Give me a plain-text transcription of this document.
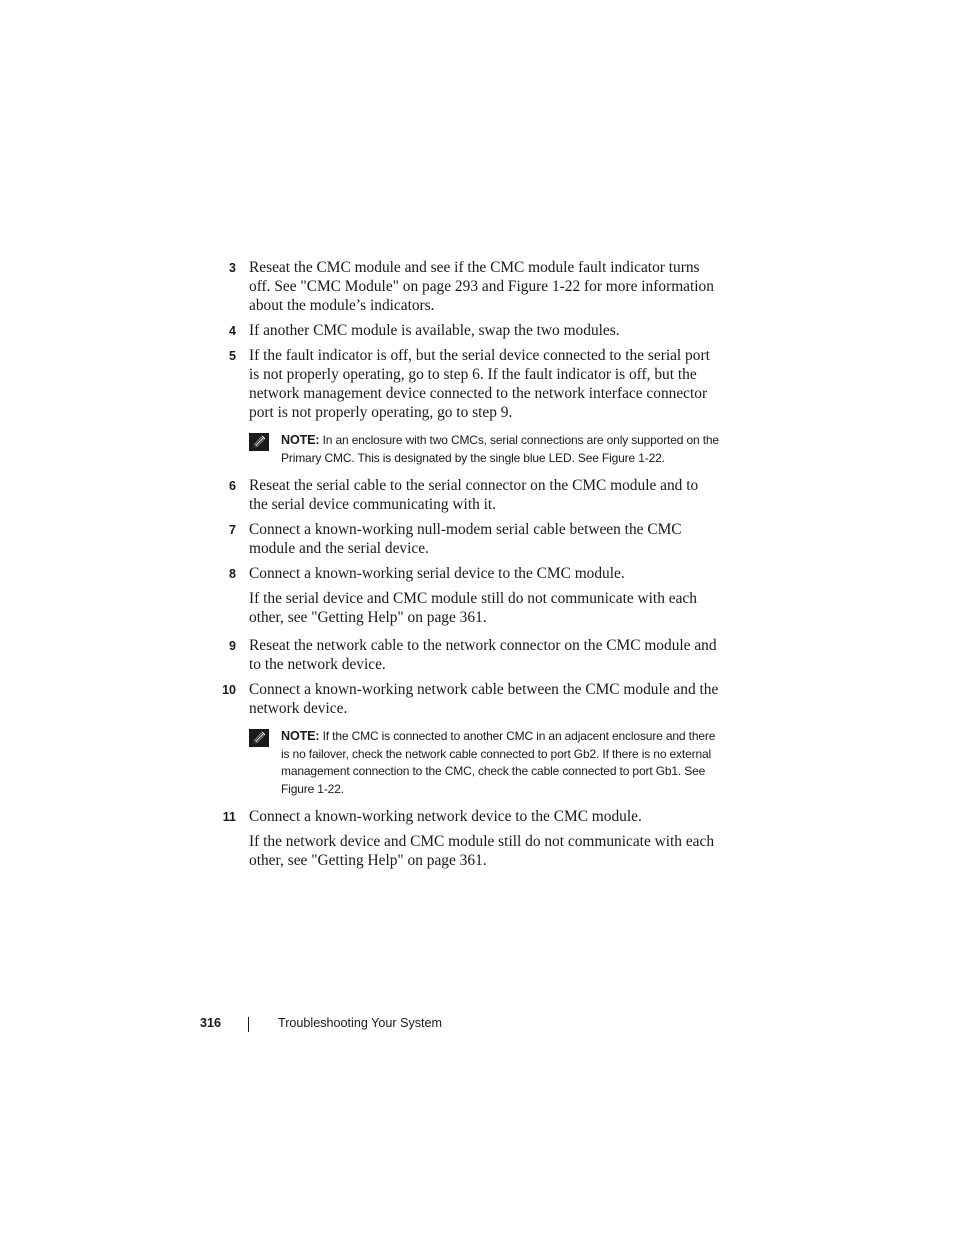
3 Reseat the CMC module and see if the CMC module fault indicator turns off. See "CMC Module" on page 293 and Figure 1-22 for more information about the module’s indicators.
4 If another CMC module is available, swap the two modules.
5 If the fault indicator is off, but the serial device connected to the serial port is not properly operating, go to step 6. If the fault indicator is off, but the network management device connected to the network interface connector port is not properly operating, go to step 9.
NOTE: In an enclosure with two CMCs, serial connections are only supported on the Primary CMC. This is designated by the single blue LED. See Figure 1-22.
6 Reseat the serial cable to the serial connector on the CMC module and to the serial device communicating with it.
7 Connect a known-working null-modem serial cable between the CMC module and the serial device.
8 Connect a known-working serial device to the CMC module.
If the serial device and CMC module still do not communicate with each other, see "Getting Help" on page 361.
9 Reseat the network cable to the network connector on the CMC module and to the network device.
10 Connect a known-working network cable between the CMC module and the network device.
NOTE: If the CMC is connected to another CMC in an adjacent enclosure and there is no failover, check the network cable connected to port Gb2. If there is no external management connection to the CMC, check the cable connected to port Gb1. See Figure 1-22.
11 Connect a known-working network device to the CMC module.
If the network device and CMC module still do not communicate with each other, see "Getting Help" on page 361.
316	Troubleshooting Your System
